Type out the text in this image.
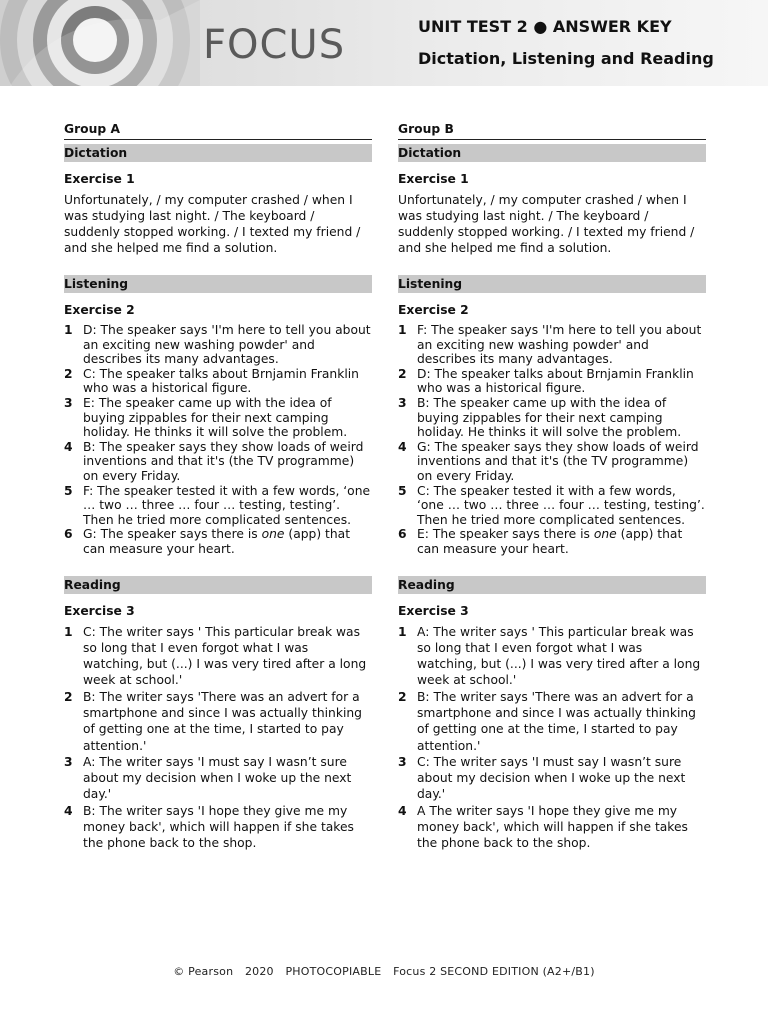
FOCUS	UNIT TEST 2 ● ANSWER KEY
Dictation, Listening and Reading
Group A
Dictation
Exercise 1

Unfortunately, / my computer crashed / when I was studying last night. / The keyboard / suddenly stopped working. / I texted my friend / and she helped me find a solution.

Listening
Exercise 2
1 D: The speaker says 'I'm here to tell you about an exciting new washing powder' and describes its many advantages.
2 C: The speaker talks about Brnjamin Franklin who was a historical figure.
3 E: The speaker came up with the idea of buying zippables for their next camping holiday. He thinks it will solve the problem.
4 B: The speaker says they show loads of weird inventions and that it's (the TV programme) on every Friday.
5 F: The speaker tested it with a few words, ‘one … two … three … four … testing, testing’. Then he tried more complicated sentences.
6 G: The speaker says there is one (app) that can measure your heart.
Reading
Exercise 3
1 C: The writer says ' This particular break was so long that I even forgot what I was watching, but (...) I was very tired after a long week at school.'
2 B: The writer says 'There was an advert for a smartphone and since I was actually thinking of getting one at the time, I started to pay attention.'
3 A: The writer says 'I must say I wasn’t sure about my decision when I woke up the next day.'
4 B: The writer says 'I hope they give me my money back', which will happen if she takes the phone back to the shop.
Group B
Dictation
Exercise 1

Unfortunately, / my computer crashed / when I was studying last night. / The keyboard / suddenly stopped working. / I texted my friend / and she helped me find a solution.

Listening
Exercise 2
1 F: The speaker says 'I'm here to tell you about an exciting new washing powder' and describes its many advantages.
2 D: The speaker talks about Brnjamin Franklin who was a historical figure.
3 B: The speaker came up with the idea of buying zippables for their next camping holiday. He thinks it will solve the problem.
4 G: The speaker says they show loads of weird inventions and that it's (the TV programme) on every Friday.
5 C: The speaker tested it with a few words, ‘one … two … three … four … testing, testing’. Then he tried more complicated sentences.
6 E: The speaker says there is one (app) that can measure your heart.
Reading
Exercise 3
1 A: The writer says ' This particular break was so long that I even forgot what I was watching, but (...) I was very tired after a long week at school.'
2 B: The writer says 'There was an advert for a smartphone and since I was actually thinking of getting one at the time, I started to pay attention.'
3 C: The writer says 'I must say I wasn’t sure about my decision when I woke up the next day.'
4 A The writer says 'I hope they give me my money back', which will happen if she takes the phone back to the shop.
© Pearson 2020 PHOTOCOPIABLE Focus 2 SECOND EDITION (A2+/B1)
